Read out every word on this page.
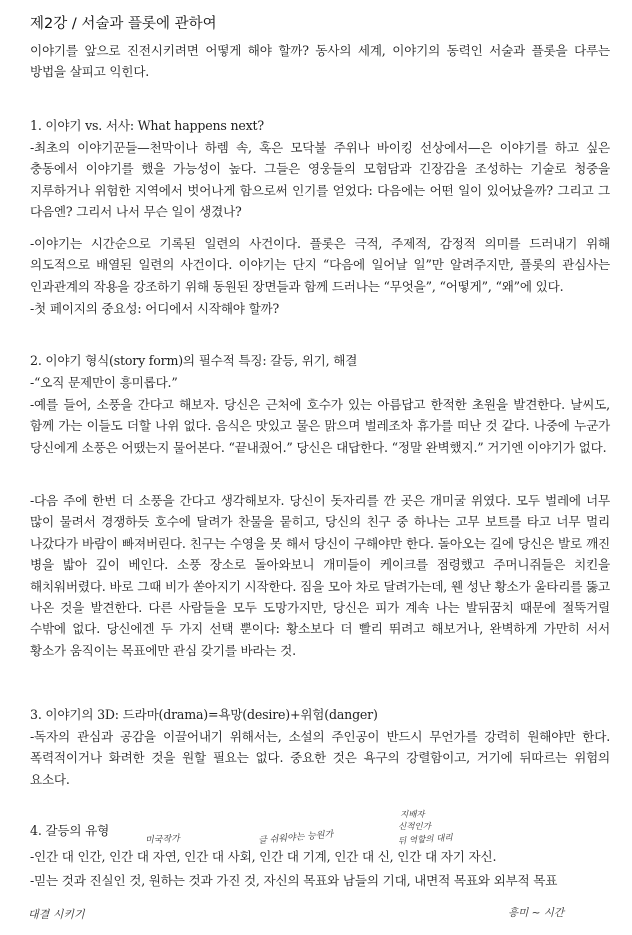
제2강 / 서술과 플롯에 관하여

이야기를 앞으로 진전시키려면 어떻게 해야 할까? 동사의 세계, 이야기의 동력인 서술과 플롯을 다루는 방법을 살피고 익힌다.

1. 이야기 vs. 서사: What happens next?

-최초의 이야기꾼들—천막이나 하렘 속, 혹은 모닥불 주위나 바이킹 선상에서—은 이야기를 하고 싶은 충동에서 이야기를 했을 가능성이 높다. 그들은 영웅들의 모험담과 긴장감을 조성하는 기술로 청중을 지루하거나 위험한 지역에서 벗어나게 함으로써 인기를 얻었다: 다음에는 어떤 일이 있어났을까? 그리고 그 다음엔? 그리서 나서 무슨 일이 생겼나?

-이야기는 시간순으로 기록된 일련의 사건이다. 플롯은 극적, 주제적, 감정적 의미를 드러내기 위해 의도적으로 배열된 일련의 사건이다. 이야기는 단지 “다음에 일어날 일”만 알려주지만, 플롯의 관심사는 인과관계의 작용을 강조하기 위해 동원된 장면들과 함께 드러나는 “무엇을”, “어떻게”, “왜”에 있다.

-첫 페이지의 중요성: 어디에서 시작해야 할까?

2. 이야기 형식(story form)의 필수적 특징: 갈등, 위기, 해결

-“오직 문제만이 흥미롭다.”

-예를 들어, 소풍을 간다고 해보자. 당신은 근처에 호수가 있는 아름답고 한적한 초원을 발견한다. 날씨도, 함께 가는 이들도 더할 나위 없다. 음식은 맛있고 물은 맑으며 벌레조차 휴가를 떠난 것 같다. 나중에 누군가 당신에게 소풍은 어땠는지 물어본다. “끝내줬어.” 당신은 대답한다. “정말 완벽했지.” 거기엔 이야기가 없다.

-다음 주에 한번 더 소풍을 간다고 생각해보자. 당신이 돗자리를 깐 곳은 개미굴 위였다. 모두 벌레에 너무 많이 물려서 경쟁하듯 호수에 달려가 찬물을 뭍히고, 당신의 친구 중 하나는 고무 보트를 타고 너무 멀리 나갔다가 바람이 빠져버린다. 친구는 수영을 못 해서 당신이 구해야만 한다. 돌아오는 길에 당신은 발로 깨진 병을 밟아 깊이 베인다. 소풍 장소로 돌아와보니 개미들이 케이크를 점령했고 주머니쥐들은 치킨을 해치워버렸다. 바로 그때 비가 쏟아지기 시작한다. 짐을 모아 차로 달려가는데, 웬 성난 황소가 울타리를 뚫고 나온 것을 발견한다. 다른 사람들을 모두 도망가지만, 당신은 피가 계속 나는 발뒤꿈치 때문에 절뚝거릴 수밖에 없다. 당신에겐 두 가지 선택 뿐이다: 황소보다 더 빨리 뛰려고 해보거나, 완벽하게 가만히 서서 황소가 움직이는 목표에만 관심 갖기를 바라는 것.

3. 이야기의 3D: 드라마(drama)=욕망(desire)+위험(danger)

-독자의 관심과 공감을 이끌어내기 위해서는, 소설의 주인공이 반드시 무언가를 강력히 원해야만 한다. 폭력적이거나 화려한 것을 원할 필요는 없다. 중요한 것은 욕구의 강렬함이고, 거기에 뒤따르는 위험의 요소다.

4. 갈등의 유형

-인간 대 인간, 인간 대 자연, 인간 대 사회, 인간 대 기계, 인간 대 신, 인간 대 자기 자신.

-믿는 것과 진실인 것, 원하는 것과 가진 것, 자신의 목표와 남들의 기대, 내면적 목표와 외부적 목표

미국작가	글 쉬워야는 능원가
지배자
신적인가
뒤 역할의 대리
대결 시키기	흥미 ~ 시간
